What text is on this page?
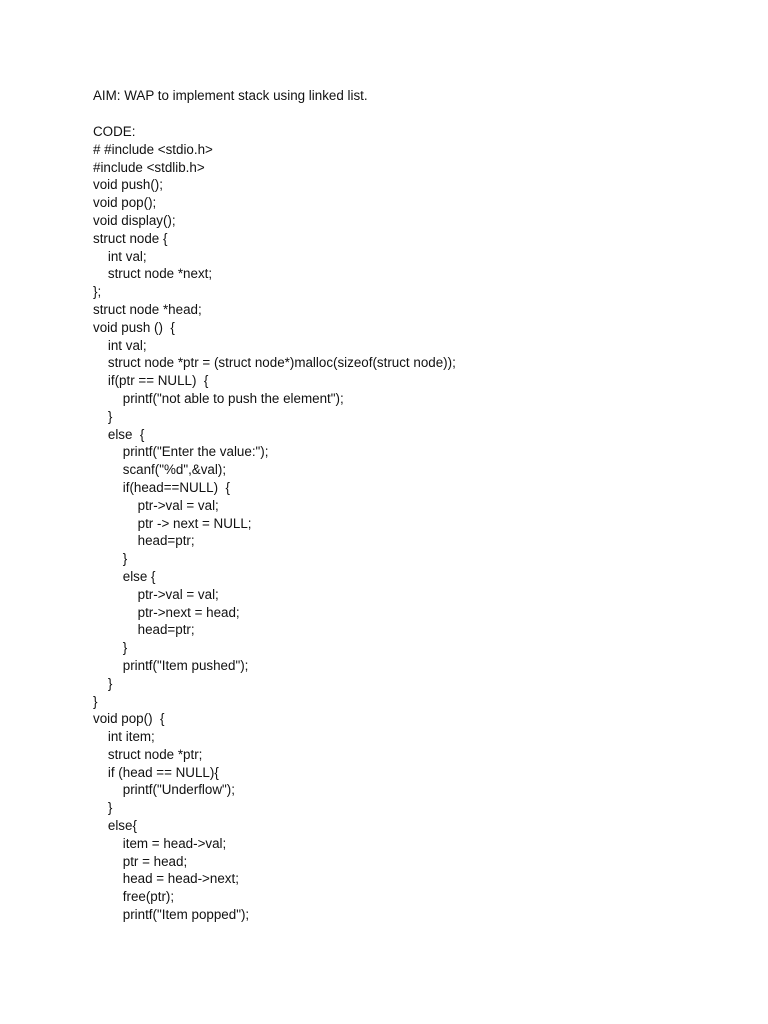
AIM: WAP to implement stack using linked list.
CODE:
# #include <stdio.h>
#include <stdlib.h>
void push();
void pop();
void display();
struct node {
int val;
struct node *next;
};
struct node *head;
void push ()  {
int val;
struct node *ptr = (struct node*)malloc(sizeof(struct node));
if(ptr == NULL)  {
printf("not able to push the element");
}
else  {
printf("Enter the value:");
scanf("%d",&val);
if(head==NULL)  {
ptr->val = val;
ptr -> next = NULL;
head=ptr;
}
else {
ptr->val = val;
ptr->next = head;
head=ptr;
}
printf("Item pushed");
}
}
void pop()  {
int item;
struct node *ptr;
if (head == NULL){
printf("Underflow");
}
else{
item = head->val;
ptr = head;
head = head->next;
free(ptr);
printf("Item popped");
